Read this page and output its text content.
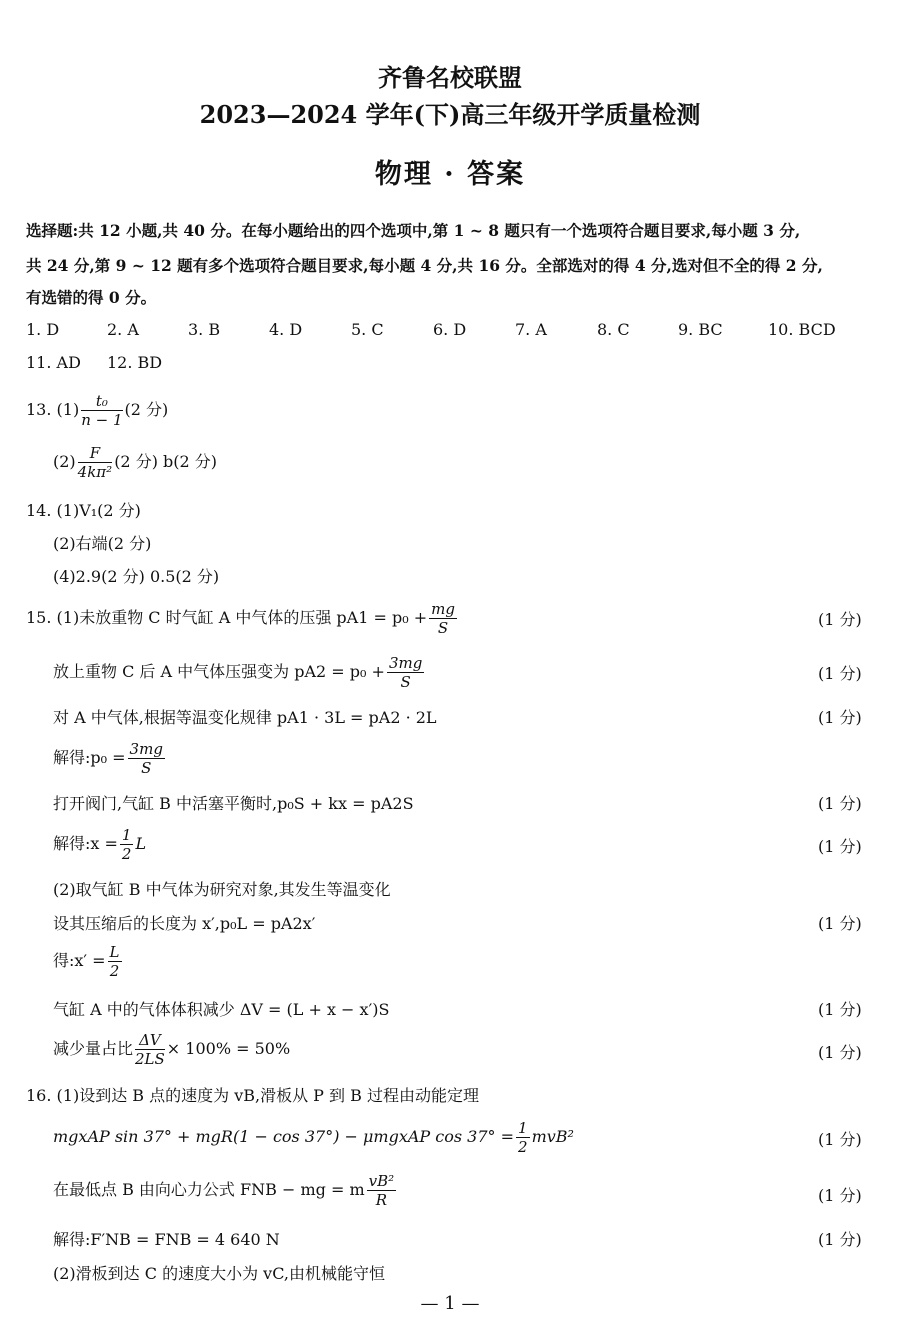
齐鲁名校联盟
2023—2024 学年(下)高三年级开学质量检测
物理 · 答案
选择题:共 12 小题,共 40 分。在每小题给出的四个选项中,第 1 ~ 8 题只有一个选项符合题目要求,每小题 3 分,
共 24 分,第 9 ~ 12 题有多个选项符合题目要求,每小题 4 分,共 16 分。全部选对的得 4 分,选对但不全的得 2 分,
有选错的得 0 分。
1. D	2. A	3. B	4. D	5. C	6. D	7. A	8. C	9. BC	10. BCD
11. AD 12. BD
13. $(1) \frac{\text{t₀}}{n - 1} (2$ 分)
$(2) \frac{F}{\text{4kπ²}} (2$ 分) b(2 分)
14. (1)V₁(2 分)
(2)右端(2 分)
(4)2.9(2 分) 0.5(2 分)
15. (1)未放重物 C 时气缸 A 中气体的压强 $pA1 = p_0 + \frac{mg}{S}$	(1 分)
放上重物 C 后 A 中气体压强变为 $pA2 = p_0 + \frac{3mg}{S}$	(1 分)
对 A 中气体,根据等温变化规律 pA1 · 3L = pA2 · 2L	(1 分)
解得:p₀ = $\frac{3mg}{S}$
打开阀门,气缸 B 中活塞平衡时,p₀S + kx = pA2S	(1 分)
解得:x = $\frac{1}{2}$ L	(1 分)
(2)取气缸 B 中气体为研究对象,其发生等温变化
设其压缩后的长度为 x′,p₀L = pA2x′	(1 分)
得:x′ = $\frac{L}{2}$
气缸 A 中的气体体积减少 ΔV = (L + x − x′)S	(1 分)
减少量占比 $\frac{\Delta V}{2LS} \times 100\% = 50\%$	(1 分)
16. (1)设到达 B 点的速度为 vB,滑板从 P 到 B 过程由动能定理
mgxAP sin 37° + mgR(1 − cos 37°) − μmgxAP $\cos 37^\circ = \frac{1}{2} mvB^2$	(1 分)
在最低点 B 由向心力公式 FNB − mg = m $\frac{\text{vB²}}{R}$	(1 分)
解得:F′NB = FNB = 4 640 N	(1 分)
(2)滑板到达 C 的速度大小为 vC,由机械能守恒
— 1 —
